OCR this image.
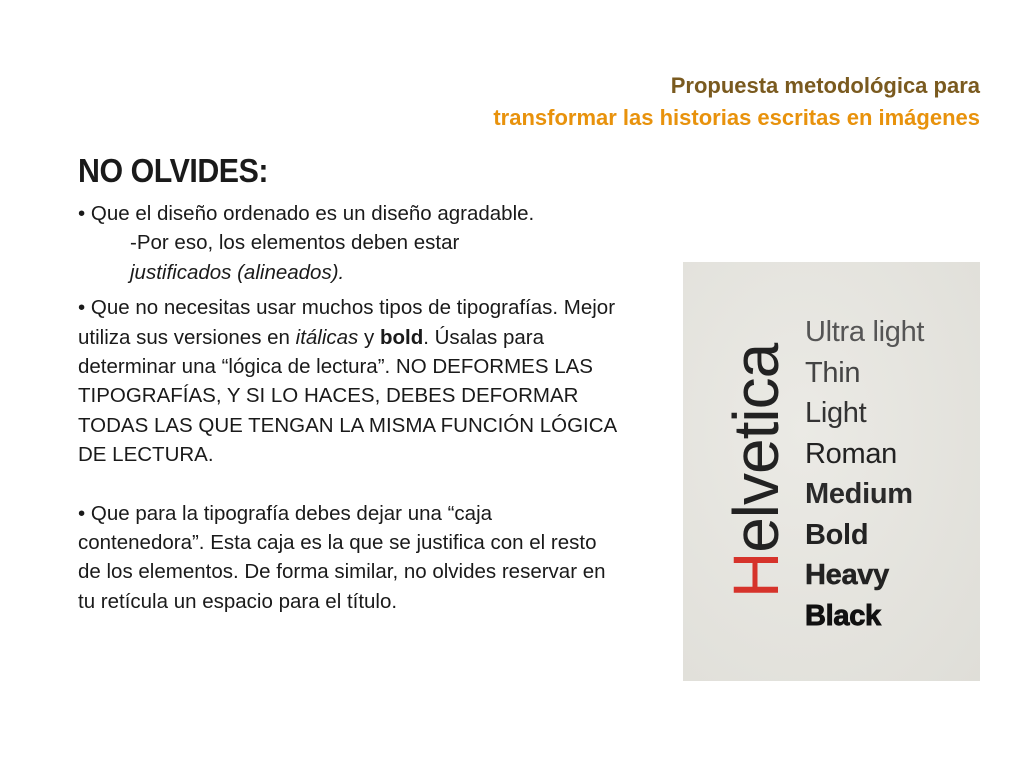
Propuesta metodológica para
transformar las historias escritas en imágenes
NO OLVIDES:

• Que el diseño ordenado es un diseño agradable.

-Por eso, los elementos deben estar
justificados (alineados).

• Que no necesitas usar muchos tipos de tipografías. Mejor utiliza sus versiones en itálicas y bold. Úsalas para determinar una “lógica de lectura”. NO DEFORMES LAS TIPOGRAFÍAS, Y SI LO HACES, DEBES DEFORMAR TODAS LAS QUE TENGAN LA MISMA FUNCIÓN LÓGICA DE LECTURA.

• Que para la tipografía debes dejar una “caja contenedora”. Esta caja es la que se justifica con el resto de los elementos. De forma similar, no olvides reservar en tu retícula un espacio para el título.

Helvetica
Ultra light
Thin
Light
Roman
Medium
Bold
Heavy
Black
